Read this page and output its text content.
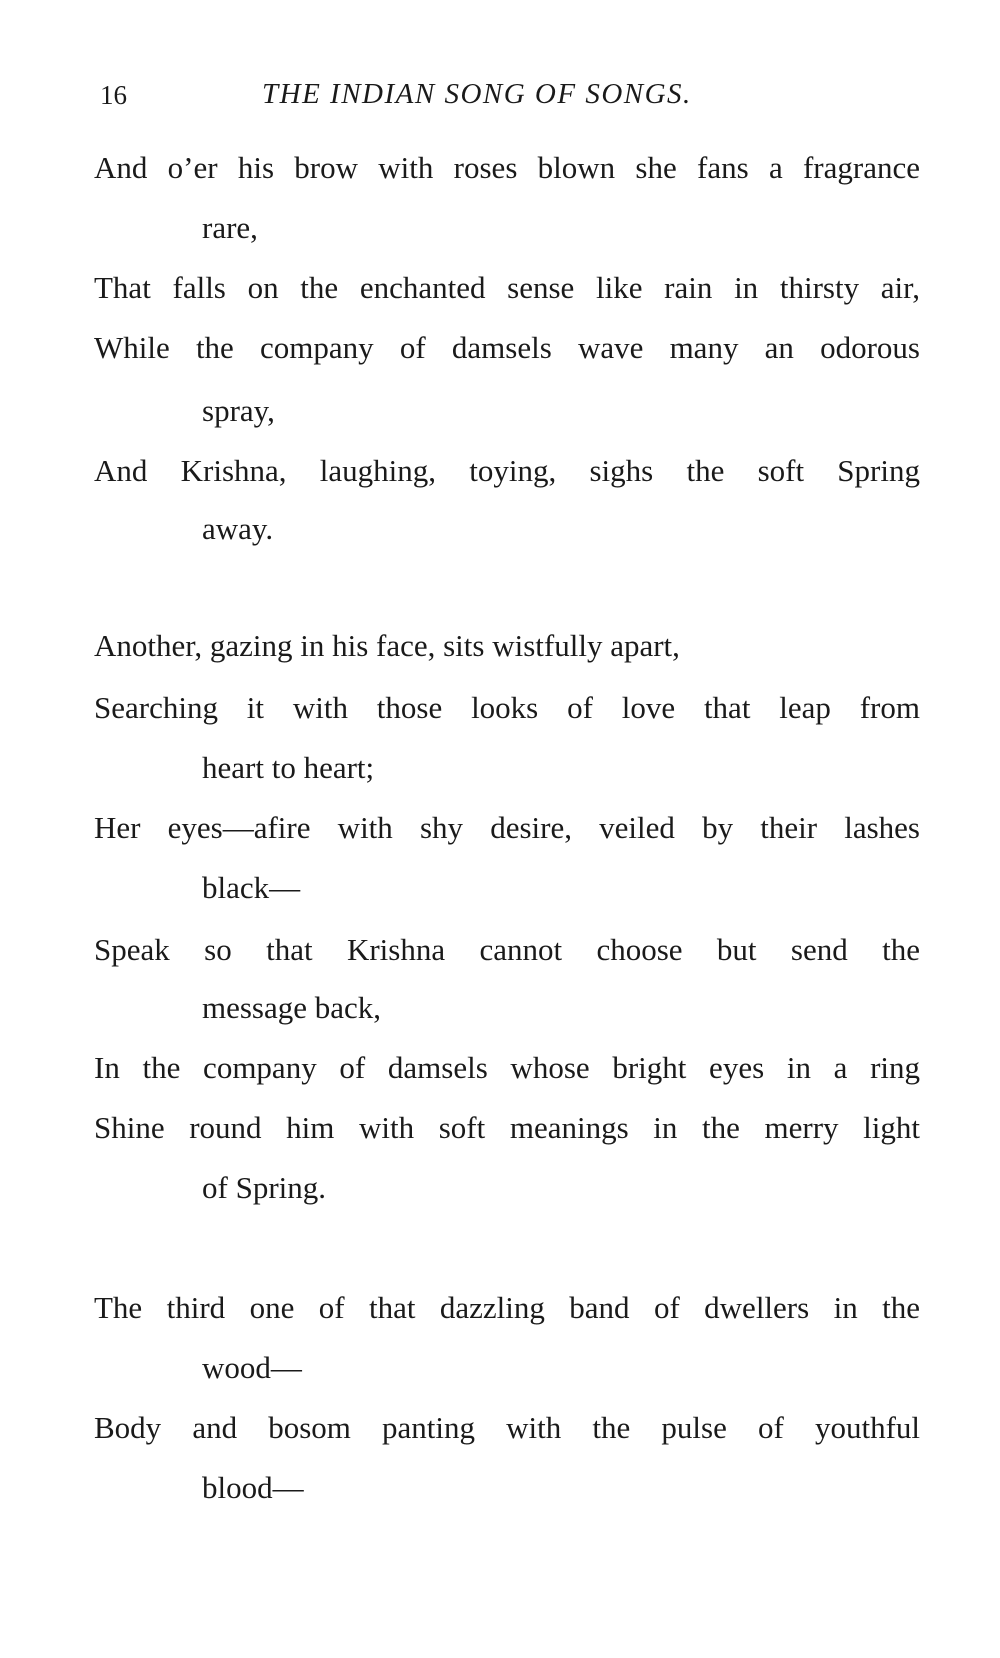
16	THE INDIAN SONG OF SONGS.
And o’er his brow with roses blown she fans a fragrance
rare,
That falls on the enchanted sense like rain in thirsty air,
While the company of damsels wave many an odorous
spray,
And Krishna, laughing, toying, sighs the soft Spring
away.
Another, gazing in his face, sits wistfully apart,
Searching it with those looks of love that leap from
heart to heart;
Her eyes—afire with shy desire, veiled by their lashes
black—
Speak so that Krishna cannot choose but send the
message back,
In the company of damsels whose bright eyes in a ring
Shine round him with soft meanings in the merry light
of Spring.
The third one of that dazzling band of dwellers in the
wood—
Body and bosom panting with the pulse of youthful
blood—
